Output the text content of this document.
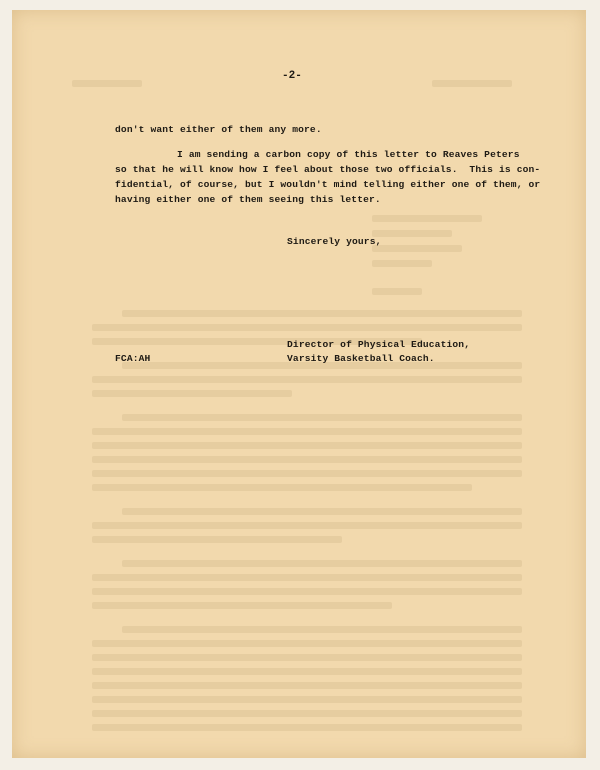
-2-
don't want either of them any more.
I am sending a carbon copy of this letter to Reaves Peters
so that he will know how I feel about those two officials.  This is con-
fidential, of course, but I wouldn't mind telling either one of them, or
having either one of them seeing this letter.
Sincerely yours,
Director of Physical Education,
FCA:AH	Varsity Basketball Coach.
